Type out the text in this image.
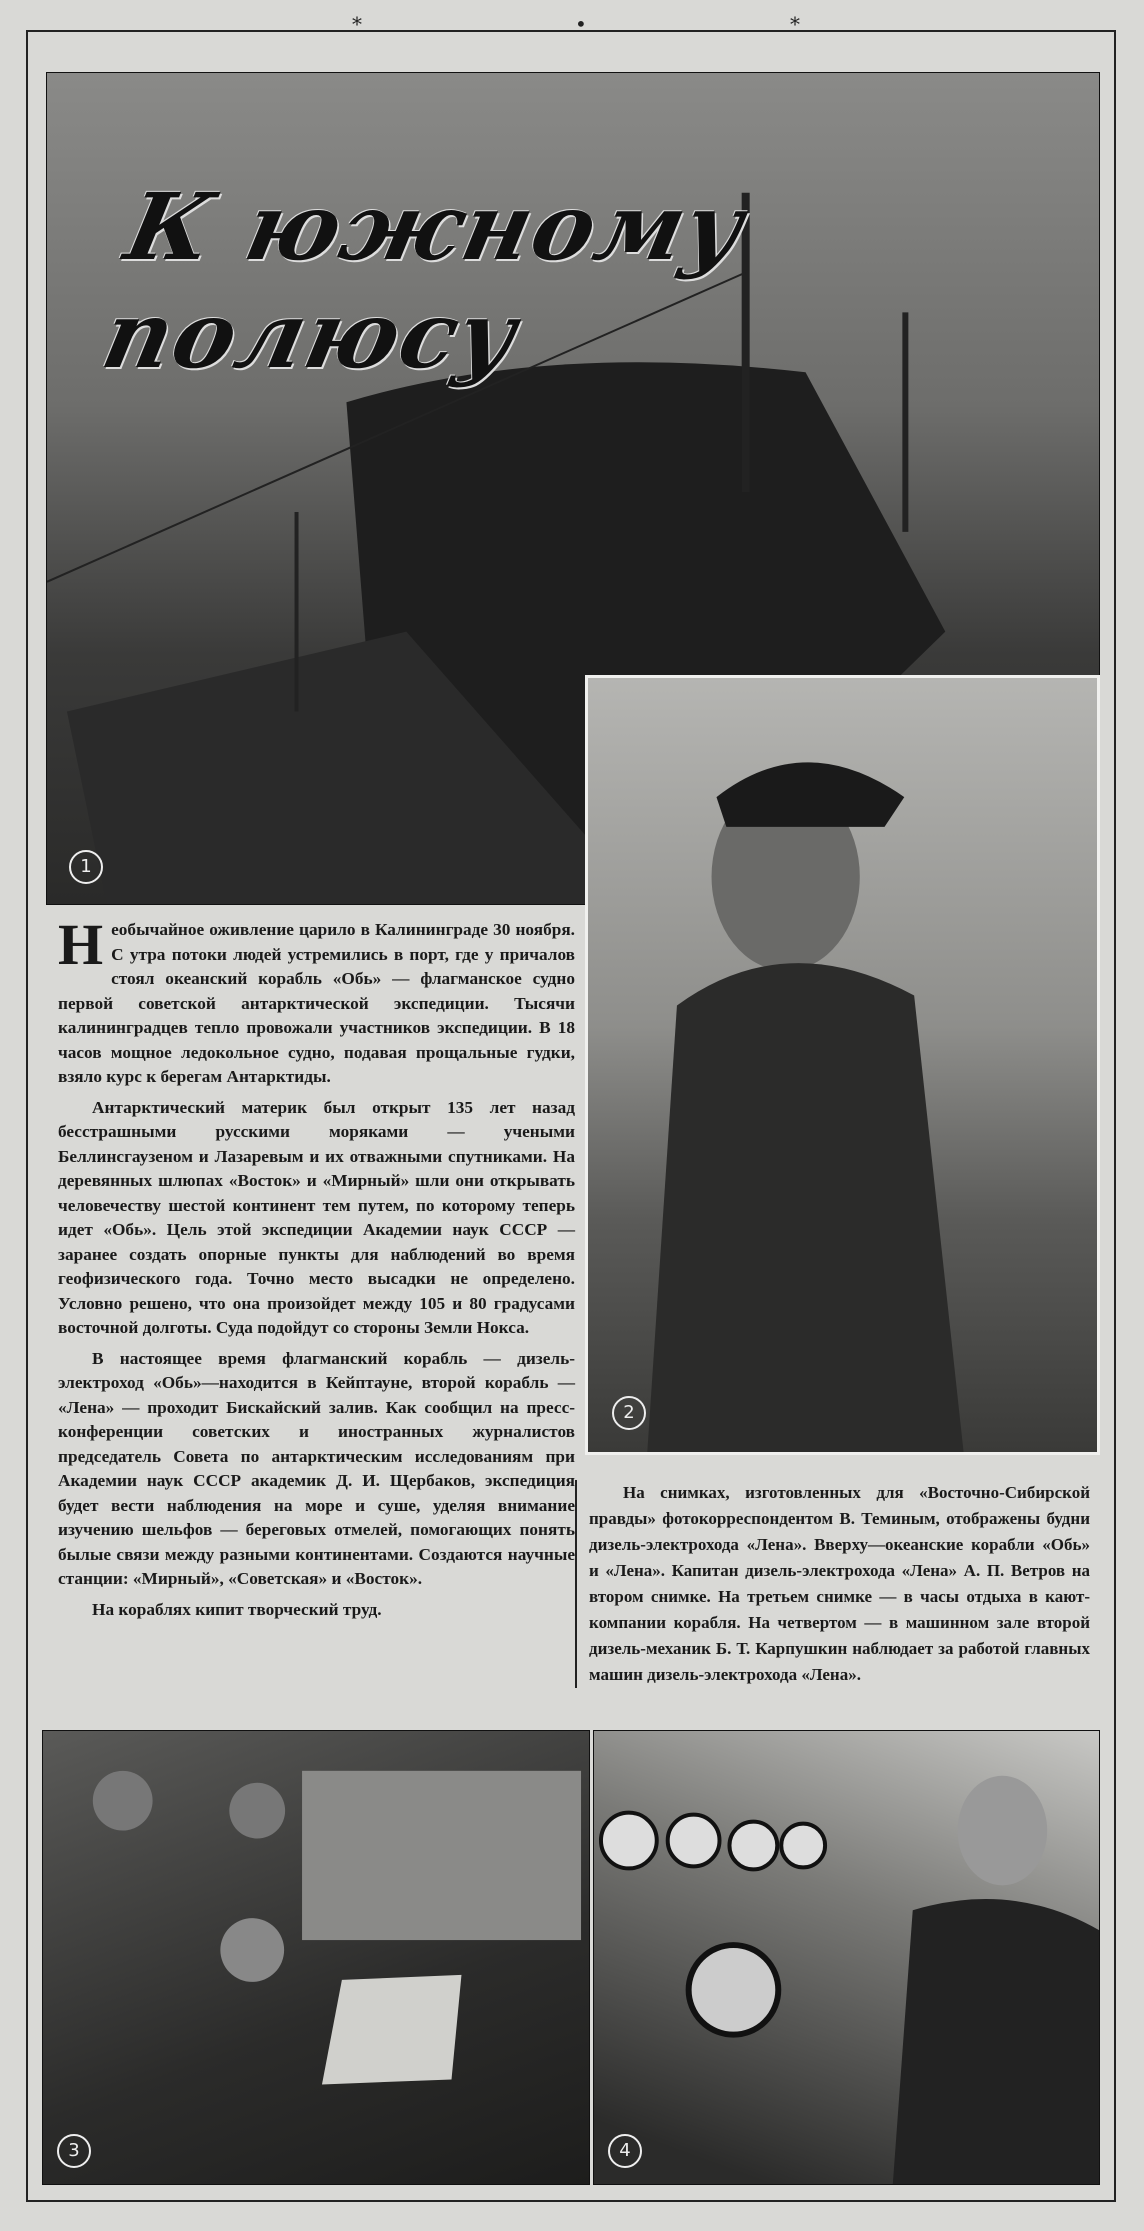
*	•	*
К южному полюсу
1
2

Необычайное оживление царило в Калининграде 30 ноября. С утра потоки людей устремились в порт, где у причалов стоял океанский корабль «Обь» — флагманское судно первой советской антарктической экспедиции. Тысячи калининградцев тепло провожали участников экспедиции. В 18 часов мощное ледокольное судно, подавая прощальные гудки, взяло курс к берегам Антарктиды.

Антарктический материк был открыт 135 лет назад бесстрашными русскими моряками — учеными Беллинсгаузеном и Лазаревым и их отважными спутниками. На деревянных шлюпах «Восток» и «Мирный» шли они открывать человечеству шестой континент тем путем, по которому теперь идет «Обь». Цель этой экспедиции Академии наук СССР — заранее создать опорные пункты для наблюдений во время геофизического года. Точно место высадки не определено. Условно решено, что она произойдет между 105 и 80 градусами восточной долготы. Суда подойдут со стороны Земли Нокса.

В настоящее время флагманский корабль — дизель-электроход «Обь»—находится в Кейптауне, второй корабль — «Лена» — проходит Бискайский залив. Как сообщил на пресс-конференции советских и иностранных журналистов председатель Совета по антарктическим исследованиям при Академии наук СССР академик Д. И. Щербаков, экспедиция будет вести наблюдения на море и суше, уделяя внимание изучению шельфов — береговых отмелей, помогающих понять былые связи между разными континентами. Создаются научные станции: «Мирный», «Советская» и «Восток».

На кораблях кипит творческий труд.

На снимках, изготовленных для «Восточно-Сибирской правды» фотокорреспондентом В. Теминым, отображены будни дизель-электрохода «Лена». Вверху—океанские корабли «Обь» и «Лена». Капитан дизель-электрохода «Лена» А. П. Ветров на втором снимке. На третьем снимке — в часы отдыха в кают-компании корабля. На четвертом — в машинном зале второй дизель-механик Б. Т. Карпушкин наблюдает за работой главных машин дизель-электрохода «Лена».
3	4
